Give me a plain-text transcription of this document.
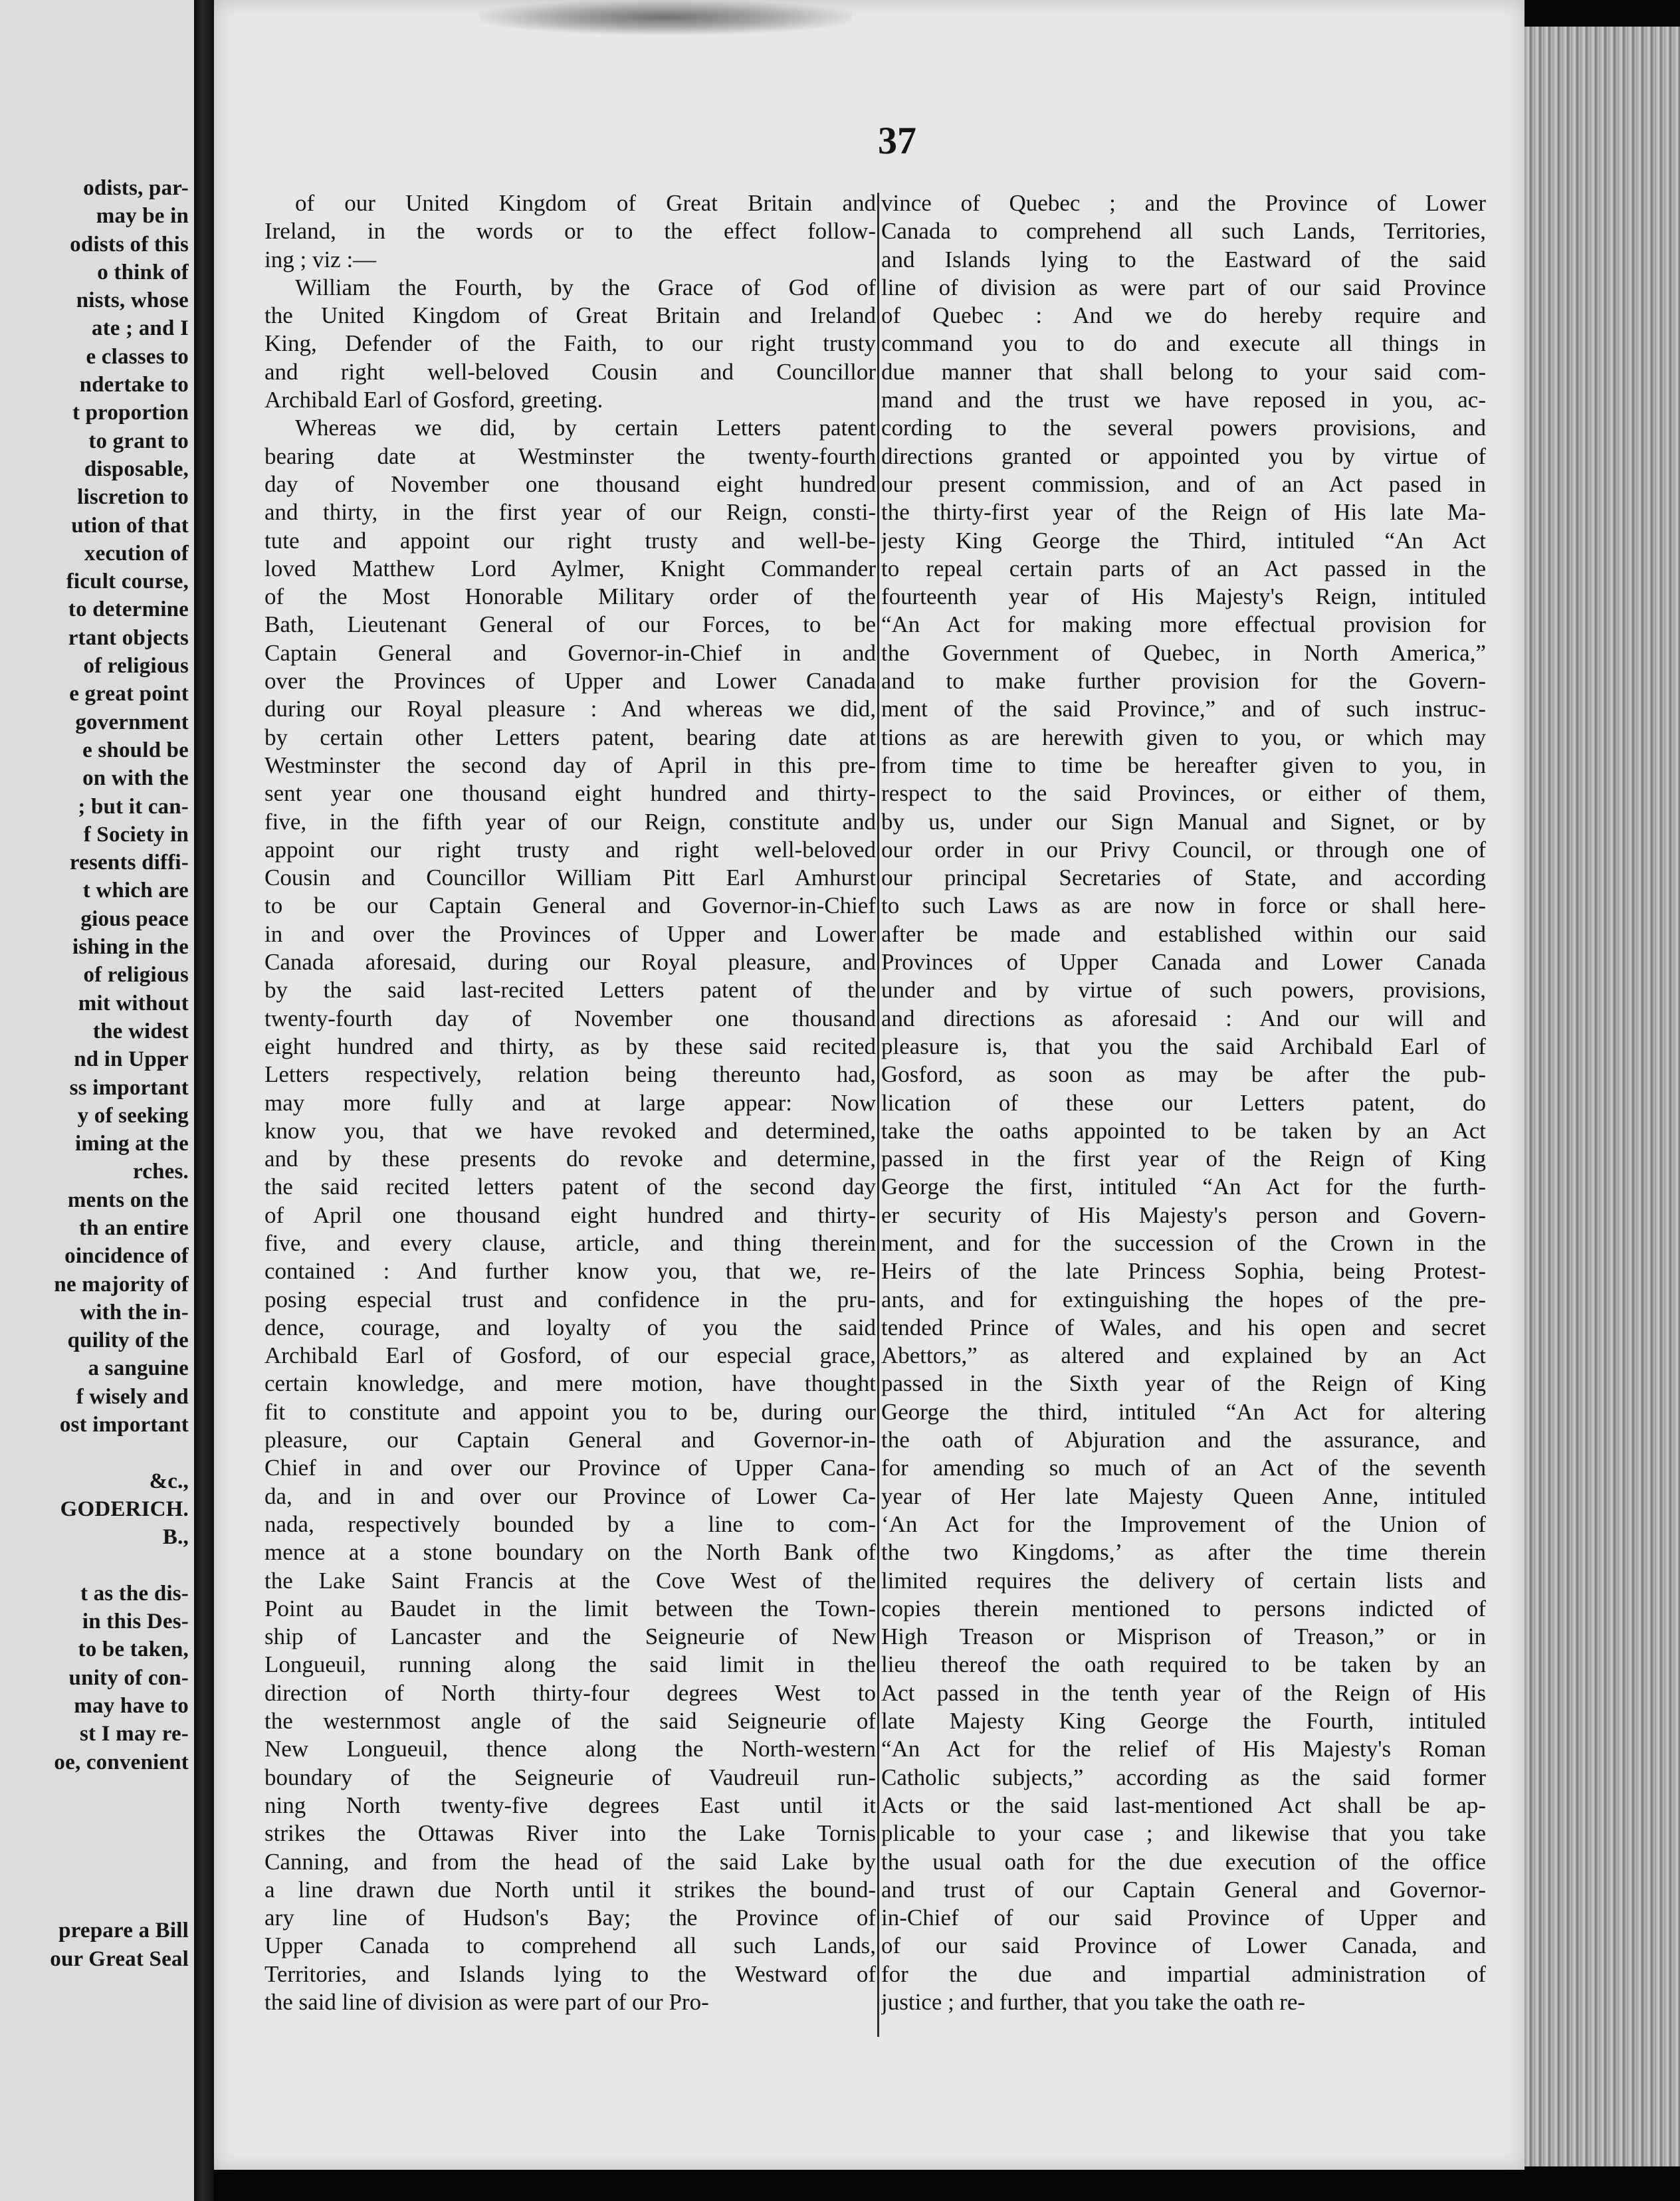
odists, par-
may be in
odists of this
o think of
nists, whose
ate ; and I
e classes to
ndertake to
t proportion
to grant to
disposable,
liscretion to
ution of that
xecution of
ficult course,
to determine
rtant objects
of religious
e great point
government
e should be
on with the
; but it can-
f Society in
resents diffi-
t which are
gious peace
ishing in the
of religious
mit without
the widest
nd in Upper
ss important
y of seeking
iming at the
rches.
ments on the
th an entire
oincidence of
ne majority of
with the in-
quility of the
a sanguine
f wisely and
ost important
&c.,
GODERICH.
B.,
t as the dis-
in this Des-
to be taken,
unity of con-
may have to
st I may re-
oe, convenient
prepare a Bill
our Great Seal
37
of our United Kingdom of Great Britain and
Ireland, in the words or to the effect follow-
ing ; viz :—
William the Fourth, by the Grace of God of
the United Kingdom of Great Britain and Ireland
King, Defender of the Faith, to our right trusty
and right well-beloved Cousin and Councillor
Archibald Earl of Gosford, greeting.
Whereas we did, by certain Letters patent
bearing date at Westminster the twenty-fourth
day of November one thousand eight hundred
and thirty, in the first year of our Reign, consti-
tute and appoint our right trusty and well-be-
loved Matthew Lord Aylmer, Knight Commander
of the Most Honorable Military order of the
Bath, Lieutenant General of our Forces, to be
Captain General and Governor-in-Chief in and
over the Provinces of Upper and Lower Canada
during our Royal pleasure : And whereas we did,
by certain other Letters patent, bearing date at
Westminster the second day of April in this pre-
sent year one thousand eight hundred and thirty-
five, in the fifth year of our Reign, constitute and
appoint our right trusty and right well-beloved
Cousin and Councillor William Pitt Earl Amhurst
to be our Captain General and Governor-in-Chief
in and over the Provinces of Upper and Lower
Canada aforesaid, during our Royal pleasure, and
by the said last-recited Letters patent of the
twenty-fourth day of November one thousand
eight hundred and thirty, as by these said recited
Letters respectively, relation being thereunto had,
may more fully and at large appear: Now
know you, that we have revoked and determined,
and by these presents do revoke and determine,
the said recited letters patent of the second day
of April one thousand eight hundred and thirty-
five, and every clause, article, and thing therein
contained : And further know you, that we, re-
posing especial trust and confidence in the pru-
dence, courage, and loyalty of you the said
Archibald Earl of Gosford, of our especial grace,
certain knowledge, and mere motion, have thought
fit to constitute and appoint you to be, during our
pleasure, our Captain General and Governor-in-
Chief in and over our Province of Upper Cana-
da, and in and over our Province of Lower Ca-
nada, respectively bounded by a line to com-
mence at a stone boundary on the North Bank of
the Lake Saint Francis at the Cove West of the
Point au Baudet in the limit between the Town-
ship of Lancaster and the Seigneurie of New
Longueuil, running along the said limit in the
direction of North thirty-four degrees West to
the westernmost angle of the said Seigneurie of
New Longueuil, thence along the North-western
boundary of the Seigneurie of Vaudreuil run-
ning North twenty-five degrees East until it
strikes the Ottawas River into the Lake Tornis
Canning, and from the head of the said Lake by
a line drawn due North until it strikes the bound-
ary line of Hudson's Bay; the Province of
Upper Canada to comprehend all such Lands,
Territories, and Islands lying to the Westward of
the said line of division as were part of our Pro-
vince of Quebec ; and the Province of Lower
Canada to comprehend all such Lands, Territories,
and Islands lying to the Eastward of the said
line of division as were part of our said Province
of Quebec : And we do hereby require and
command you to do and execute all things in
due manner that shall belong to your said com-
mand and the trust we have reposed in you, ac-
cording to the several powers provisions, and
directions granted or appointed you by virtue of
our present commission, and of an Act pased in
the thirty-first year of the Reign of His late Ma-
jesty King George the Third, intituled “An Act
to repeal certain parts of an Act passed in the
fourteenth year of His Majesty's Reign, intituled
“An Act for making more effectual provision for
the Government of Quebec, in North America,”
and to make further provision for the Govern-
ment of the said Province,” and of such instruc-
tions as are herewith given to you, or which may
from time to time be hereafter given to you, in
respect to the said Provinces, or either of them,
by us, under our Sign Manual and Signet, or by
our order in our Privy Council, or through one of
our principal Secretaries of State, and according
to such Laws as are now in force or shall here-
after be made and established within our said
Provinces of Upper Canada and Lower Canada
under and by virtue of such powers, provisions,
and directions as aforesaid : And our will and
pleasure is, that you the said Archibald Earl of
Gosford, as soon as may be after the pub-
lication of these our Letters patent, do
take the oaths appointed to be taken by an Act
passed in the first year of the Reign of King
George the first, intituled “An Act for the furth-
er security of His Majesty's person and Govern-
ment, and for the succession of the Crown in the
Heirs of the late Princess Sophia, being Protest-
ants, and for extinguishing the hopes of the pre-
tended Prince of Wales, and his open and secret
Abettors,” as altered and explained by an Act
passed in the Sixth year of the Reign of King
George the third, intituled “An Act for altering
the oath of Abjuration and the assurance, and
for amending so much of an Act of the seventh
year of Her late Majesty Queen Anne, intituled
‘An Act for the Improvement of the Union of
the two Kingdoms,’ as after the time therein
limited requires the delivery of certain lists and
copies therein mentioned to persons indicted of
High Treason or Misprison of Treason,” or in
lieu thereof the oath required to be taken by an
Act passed in the tenth year of the Reign of His
late Majesty King George the Fourth, intituled
“An Act for the relief of His Majesty's Roman
Catholic subjects,” according as the said former
Acts or the said last-mentioned Act shall be ap-
plicable to your case ; and likewise that you take
the usual oath for the due execution of the office
and trust of our Captain General and Governor-
in-Chief of our said Province of Upper and
of our said Province of Lower Canada, and
for the due and impartial administration of
justice ; and further, that you take the oath re-
